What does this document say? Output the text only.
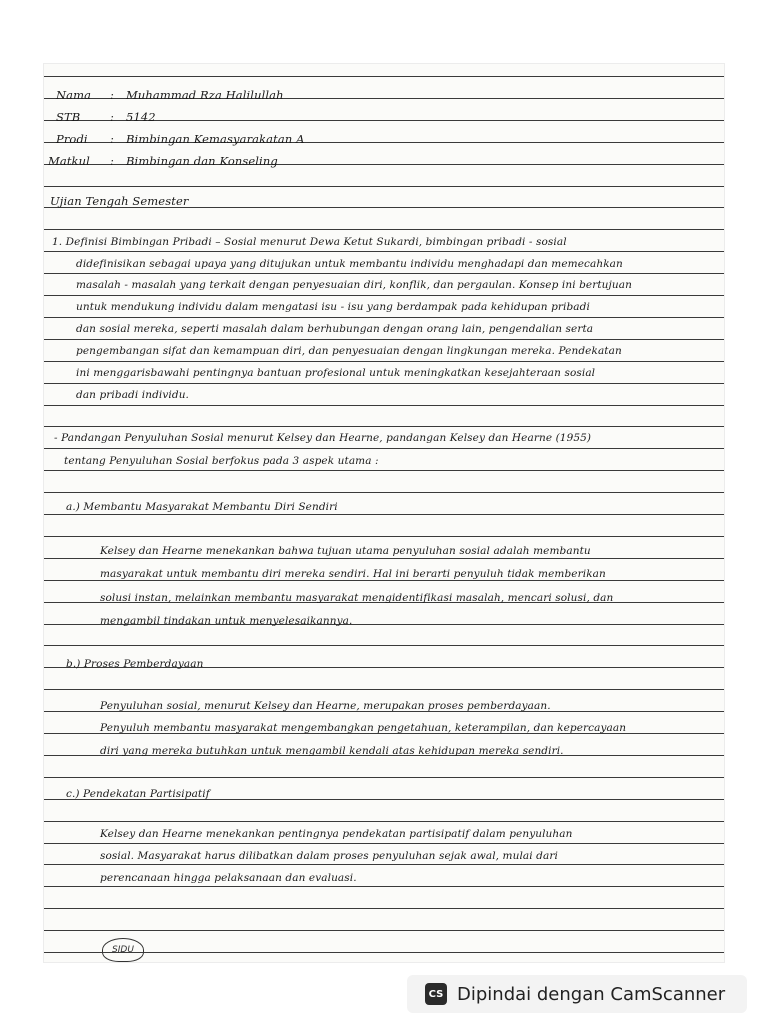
Nama : Muhammad Rza Halilullah
STB	: 5142
Prodi : Bimbingan Kemasyarakatan A
Matkul : Bimbingan dan Konseling
Ujian Tengah Semester
1. Definisi Bimbingan Pribadi – Sosial menurut Dewa Ketut Sukardi, bimbingan pribadi - sosial
didefinisikan sebagai upaya yang ditujukan untuk membantu individu menghadapi dan memecahkan
masalah - masalah yang terkait dengan penyesuaian diri, konflik, dan pergaulan. Konsep ini bertujuan
untuk mendukung individu dalam mengatasi isu - isu yang berdampak pada kehidupan pribadi
dan sosial mereka, seperti masalah dalam berhubungan dengan orang lain, pengendalian serta
pengembangan sifat dan kemampuan diri, dan penyesuaian dengan lingkungan mereka. Pendekatan
ini menggarisbawahi pentingnya bantuan profesional untuk meningkatkan kesejahteraan sosial
dan pribadi individu.
- Pandangan Penyuluhan Sosial menurut Kelsey dan Hearne, pandangan Kelsey dan Hearne (1955)
tentang Penyuluhan Sosial berfokus pada 3 aspek utama :
a.) Membantu Masyarakat Membantu Diri Sendiri
Kelsey dan Hearne menekankan bahwa tujuan utama penyuluhan sosial adalah membantu
masyarakat untuk membantu diri mereka sendiri. Hal ini berarti penyuluh tidak memberikan
solusi instan, melainkan membantu masyarakat mengidentifikasi masalah, mencari solusi, dan
mengambil tindakan untuk menyelesaikannya.
b.) Proses Pemberdayaan
Penyuluhan sosial, menurut Kelsey dan Hearne, merupakan proses pemberdayaan.
Penyuluh membantu masyarakat mengembangkan pengetahuan, keterampilan, dan kepercayaan
diri yang mereka butuhkan untuk mengambil kendali atas kehidupan mereka sendiri.
c.) Pendekatan Partisipatif
Kelsey dan Hearne menekankan pentingnya pendekatan partisipatif dalam penyuluhan
sosial. Masyarakat harus dilibatkan dalam proses penyuluhan sejak awal, mulai dari
perencanaan hingga pelaksanaan dan evaluasi.
SIDU
CS Dipindai dengan CamScanner
